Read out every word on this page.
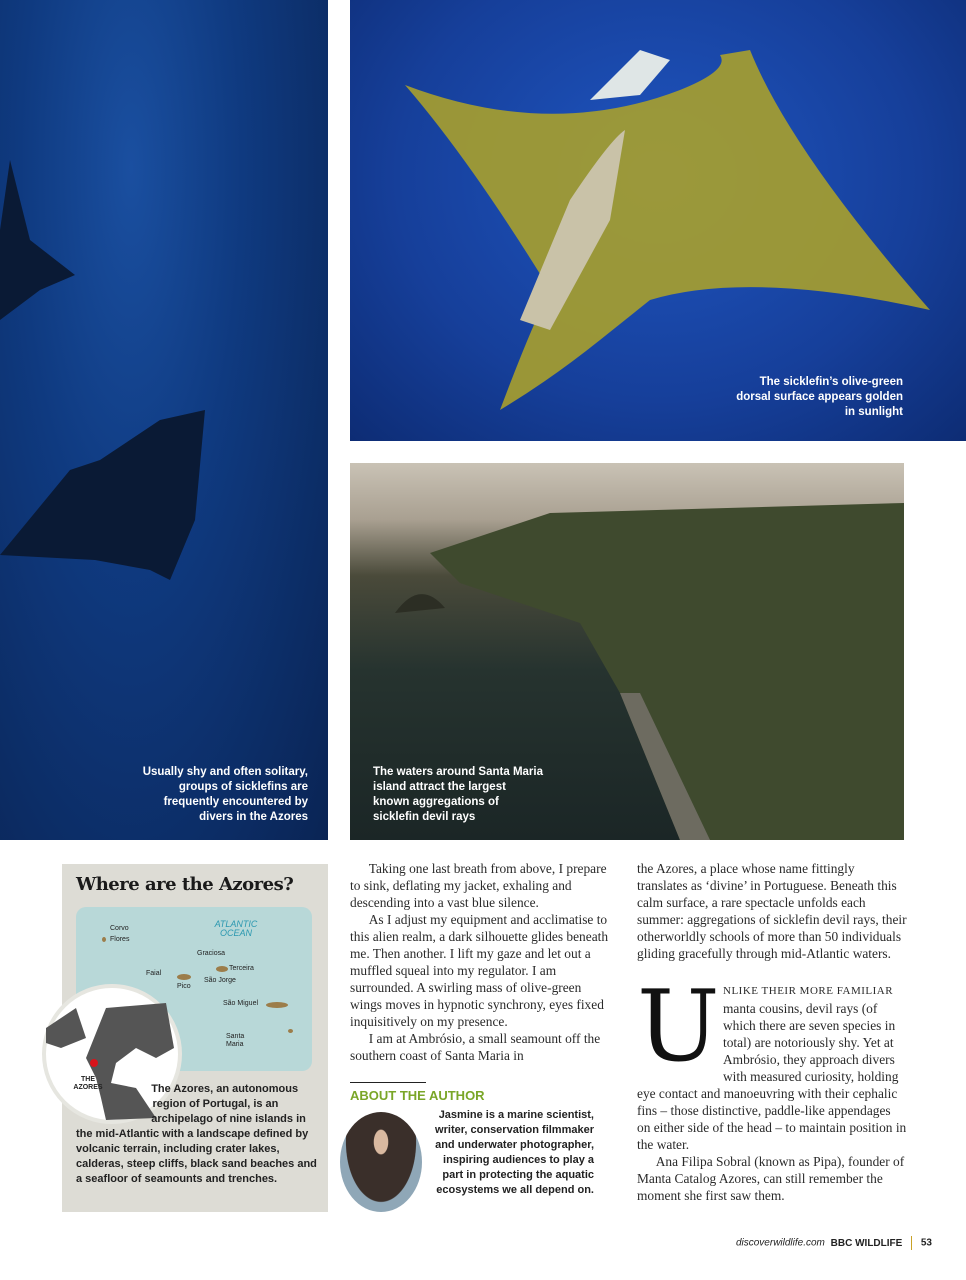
Usually shy and often solitary, groups of sicklefins are frequently encountered by divers in the Azores
The sicklefin’s olive-green dorsal surface appears golden in sunlight
The waters around Santa Maria island attract the largest known aggregations of sicklefin devil rays
Where are the Azores?
ATLANTIC OCEAN
Corvo
Flores
Graciosa
Terceira
Faial
São Jorge
Pico
São Miguel
Santa Maria
THE AZORES	The Azores, an autonomous region of Portugal, is an archipelago of nine islands in the mid-Atlantic with a landscape defined by volcanic terrain, including crater lakes, calderas, steep cliffs, black sand beaches and a seafloor of seamounts and trenches.

Taking one last breath from above, I prepare to sink, deflating my jacket, exhaling and descending into a vast blue silence.

As I adjust my equipment and acclimatise to this alien realm, a dark silhouette glides beneath me. Then another. I lift my gaze and let out a muffled squeal into my regulator. I am surrounded. A swirling mass of olive-green wings moves in hypnotic synchrony, eyes fixed inquisitively on my presence.

I am at Ambrósio, a small seamount off the southern coast of Santa Maria in

ABOUT THE AUTHOR
Jasmine is a marine scientist, writer, conservation filmmaker and underwater photographer, inspiring audiences to play a part in protecting the aquatic ecosystems we all depend on.

the Azores, a place whose name fittingly translates as ‘divine’ in Portuguese. Beneath this calm surface, a rare spectacle unfolds each summer: aggregations of sicklefin devil rays, their otherworldly schools of more than 50 individuals gliding gracefully through mid-Atlantic waters.

UNLIKE THEIR MORE FAMILIAR manta cousins, devil rays (of which there are seven species in total) are notoriously shy. Yet at Ambrósio, they approach divers with measured curiosity, holding eye contact and manoeuvring with their cephalic fins – those distinctive, paddle-like appendages on either side of the head – to maintain position in the water.

Ana Filipa Sobral (known as Pipa), founder of Manta Catalog Azores, can still remember the moment she first saw them.

discoverwildlife.com BBC WILDLIFE 53
